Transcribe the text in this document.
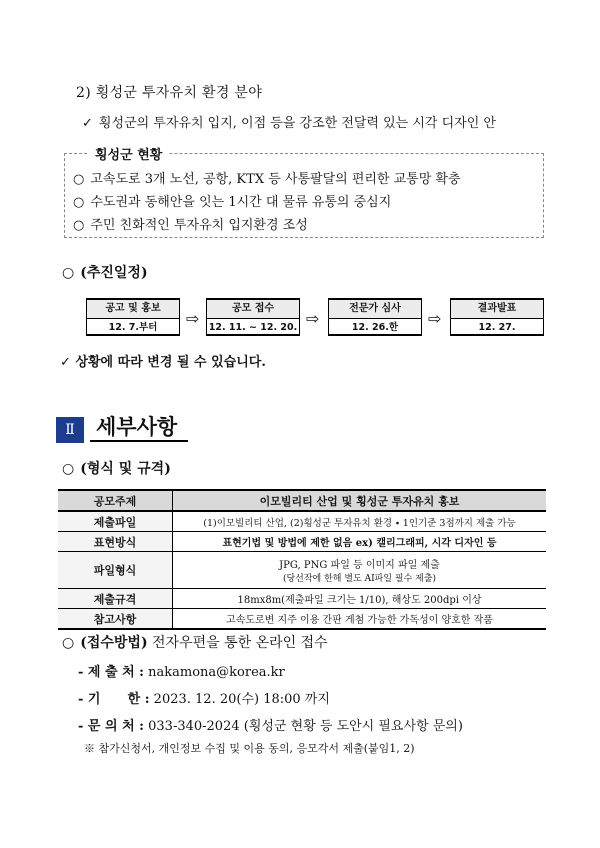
2) 횡성군 투자유치 환경 분야
✓ 횡성군의 투자유치 입지, 이점 등을 강조한 전달력 있는 시각 디자인 안
횡성군 현황
○ 고속도로 3개 노선, 공항, KTX 등 사통팔달의 편리한 교통망 확충
○ 수도권과 동해안을 잇는 1시간 대 물류 유통의 중심지
○ 주민 친화적인 투자유치 입지환경 조성
○ (추진일정)
공고 및 홍보
12. 7.부터	⇨
공모 접수
12. 11. ~ 12. 20. ⇨
전문가 심사
12. 26.한	⇨
결과발표
12. 27.
✓ 상황에 따라 변경 될 수 있습니다.
Ⅱ	세부사항
○ (형식 및 규격)
공모주제	이모빌리티 산업 및 횡성군 투자유치 홍보
제출파일	(1)이모빌리티 산업, (2)횡성군 투자유치 환경 ∙ 1인기준 3점까지 제출 가능
표현방식	표현기법 및 방법에 제한 없음 ex) 캘리그래피, 시각 디자인 등
파일형식	JPG, PNG 파일 등 이미지 파일 제출
(당선작에 한해 별도 AI파일 필수 제출)

제출규격	18mx8m(제출파일 크기는 1/10), 해상도 200dpi 이상
참고사항	고속도로변 지주 이용 간판 게첨 가능한 가독성이 양호한 작품
○ (접수방법) 전자우편을 통한 온라인 접수
- 제 출 처 : nakamona@korea.kr
- 기      한 : 2023. 12. 20(수) 18:00 까지
- 문 의 처 : 033-340-2024 (횡성군 현황 등 도안시 필요사항 문의)
※ 참가신청서, 개인정보 수집 및 이용 동의, 응모각서 제출(붙임1, 2)
